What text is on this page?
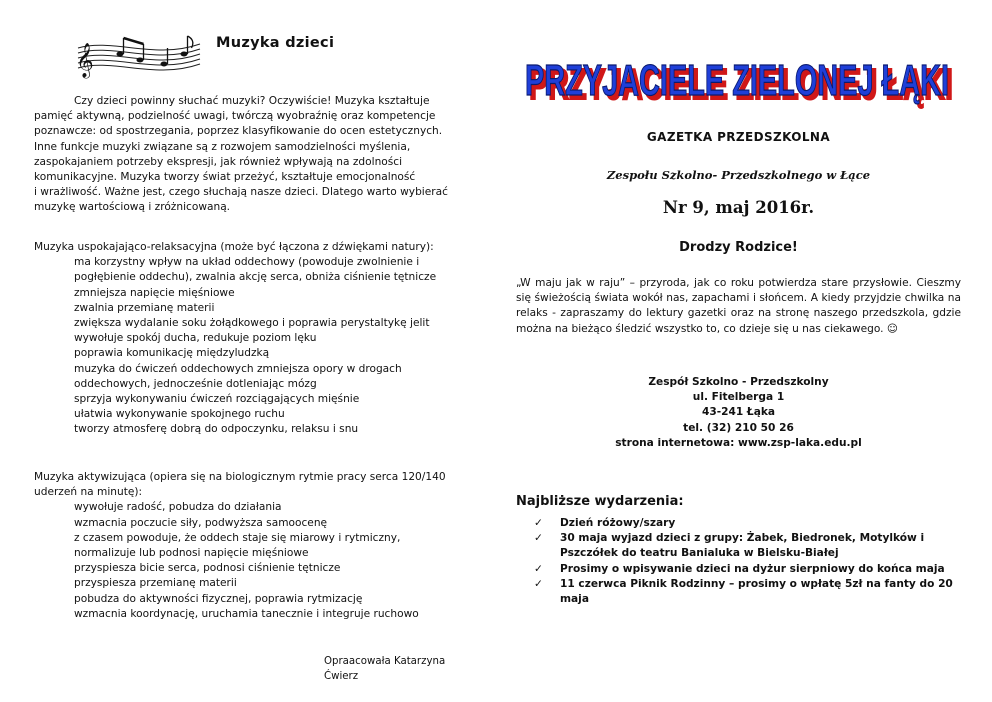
𝄞	Muzyka dzieci

Czy dzieci powinny słuchać muzyki? Oczywiście! Muzyka kształtuje

pamięć aktywną, podzielność uwagi, twórczą wyobraźnię oraz kompetencje

poznawcze: od spostrzegania, poprzez klasyfikowanie do ocen estetycznych.

Inne funkcje muzyki związane są z rozwojem samodzielności myślenia,

zaspokajaniem potrzeby ekspresji, jak również wpływają na zdolności

komunikacyjne. Muzyka tworzy świat przeżyć, kształtuje emocjonalność

i wrażliwość. Ważne jest, czego słuchają nasze dzieci. Dlatego warto wybierać

muzykę wartościową i zróżnicowaną.

Muzyka uspokajająco-relaksacyjna (może być łączona z dźwiękami natury):
ma korzystny wpływ na układ oddechowy (powoduje zwolnienie i
pogłębienie oddechu), zwalnia akcję serca, obniża ciśnienie tętnicze
zmniejsza napięcie mięśniowe
zwalnia przemianę materii
zwiększa wydalanie soku żołądkowego i poprawia perystaltykę jelit
wywołuje spokój ducha, redukuje poziom lęku
poprawia komunikację międzyludzką
muzyka do ćwiczeń oddechowych zmniejsza opory w drogach
oddechowych, jednocześnie dotleniając mózg
sprzyja wykonywaniu ćwiczeń rozciągających mięśnie
ułatwia wykonywanie spokojnego ruchu
tworzy atmosferę dobrą do odpoczynku, relaksu i snu
Muzyka aktywizująca (opiera się na biologicznym rytmie pracy serca 120/140
uderzeń na minutę):
wywołuje radość, pobudza do działania
wzmacnia poczucie siły, podwyższa samoocenę
z czasem powoduje, że oddech staje się miarowy i rytmiczny,
normalizuje lub podnosi napięcie mięśniowe
przyspiesza bicie serca, podnosi ciśnienie tętnicze
przyspiesza przemianę materii
pobudza do aktywności fizycznej, poprawia rytmizację
wzmacnia koordynację, uruchamia tanecznie i integruje ruchowo
Opraacowała Katarzyna Ćwierz
PRZYJACIELE ZIELONEJ ŁĄKI
PRZYJACIELE ZIELONEJ ŁĄKI
GAZETKA PRZEDSZKOLNA
Zespołu Szkolno- Przedszkolnego w Łące
Nr 9, maj 2016r.
Drodzy Rodzice!

„W maju jak w raju” – przyroda, jak co roku potwierdza stare przysłowie. Cieszmy się świeżością świata wokół nas, zapachami i słońcem. A kiedy przyjdzie chwilka na relaks - zapraszamy do lektury gazetki oraz na stronę naszego przedszkola, gdzie można na bieżąco śledzić wszystko to, co dzieje się u nas ciekawego. ☺

Zespół Szkolno - Przedszkolny
ul. Fitelberga 1
43-241 Łąka
tel. (32) 210 50 26
strona internetowa: www.zsp-laka.edu.pl
Najbliższe wydarzenia:
✓ Dzień różowy/szary
✓ 30 maja wyjazd dzieci z grupy: Żabek, Biedronek, Motylków i Pszczółek do teatru Banialuka w Bielsku-Białej
✓ Prosimy o wpisywanie dzieci na dyżur sierpniowy do końca maja
✓ 11 czerwca Piknik Rodzinny – prosimy o wpłatę 5zł na fanty do 20 maja
